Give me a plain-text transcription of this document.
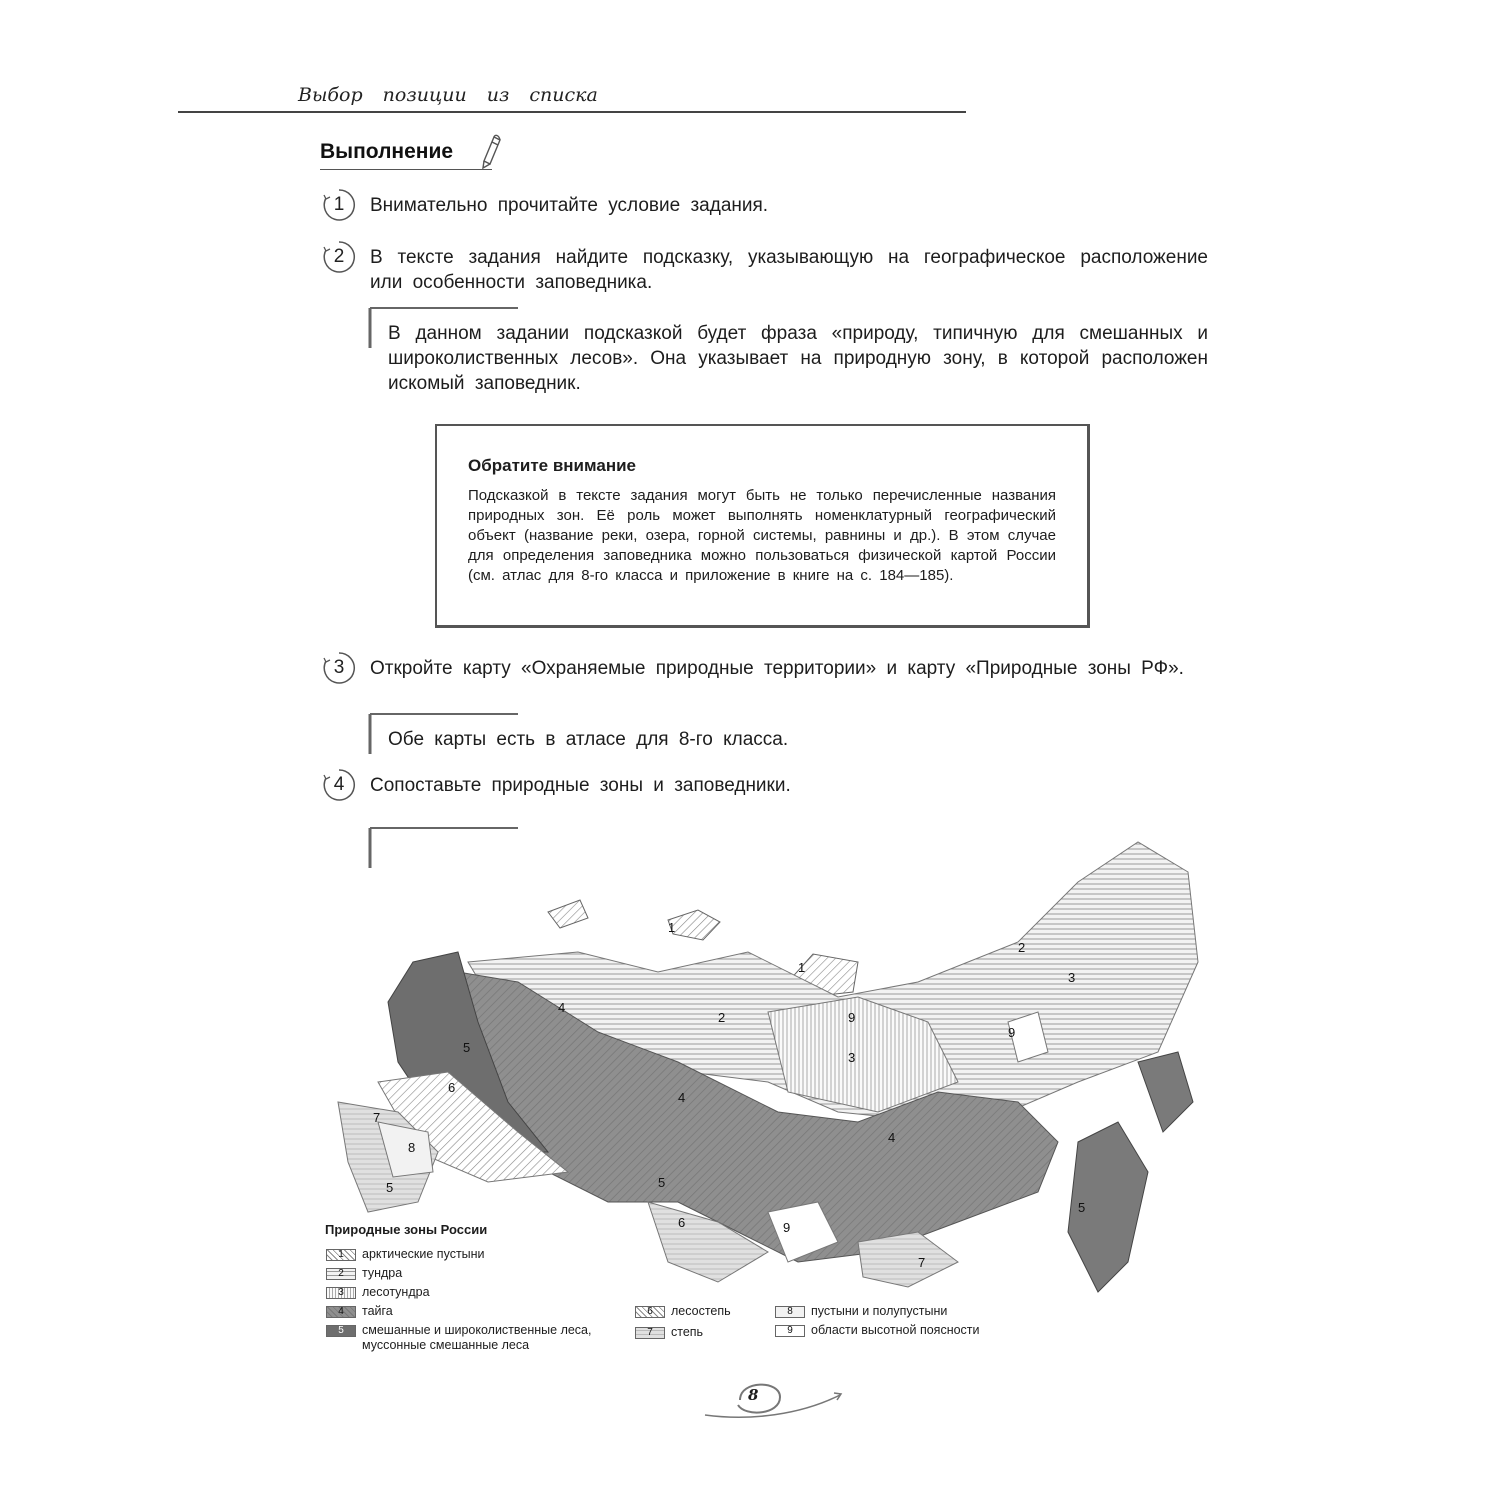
Выбор позиции из списка
Выполнение
1	Внимательно прочитайте условие задания.
2	В тексте задания найдите подсказку, указывающую на географическое расположение или особенности заповедника.
В данном задании подсказкой будет фраза «природу, типичную для смешанных и широколиственных лесов». Она указывает на природную зону, в которой расположен искомый заповедник.
Обратите внимание
Подсказкой в тексте задания могут быть не только перечисленные названия природных зон. Её роль может выполнять номенклатурный географический объект (название реки, озера, горной системы, равнины и др.). В этом случае для определения заповедника можно пользоваться физической картой России (см. атлас для 8-го класса и приложение в книге на с. 184—185).
3	Откройте карту «Охраняемые природные территории» и карту «Природные зоны РФ».
Обе карты есть в атласе для 8-го класса.
4	Сопоставьте природные зоны и заповедники.
1
1
2
2
3
3
4
4
4
5
5
5
6
6
7
7
8
9
9
9
5
Природные зоны России
1	арктические пустыни
2	тундра
3	лесотундра
4	тайга
5	смешанные и широколиственные леса, муссонные смешанные леса
6	лесостепь
7	степь
8	пустыни и полупустыни
9	области высотной поясности
8
